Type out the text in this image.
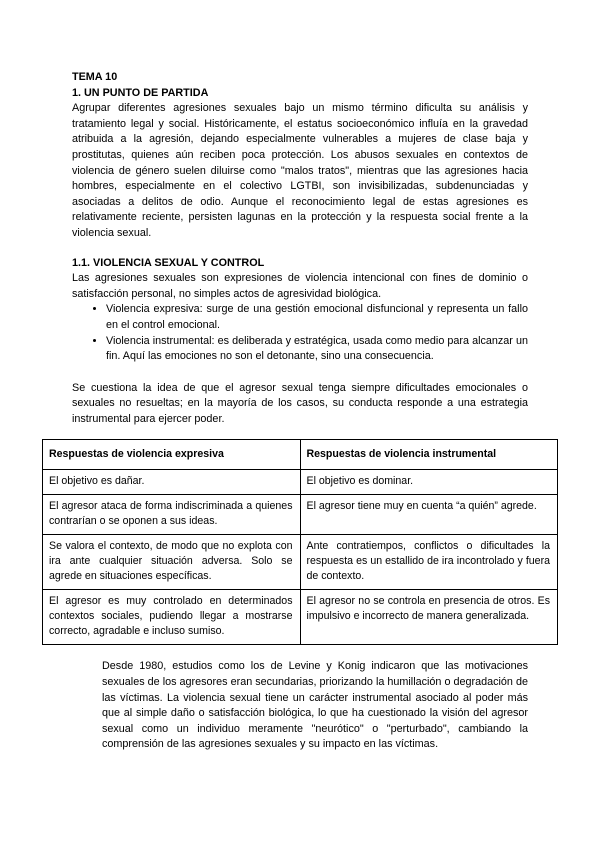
TEMA 10
1. UN PUNTO DE PARTIDA

Agrupar diferentes agresiones sexuales bajo un mismo término dificulta su análisis y tratamiento legal y social. Históricamente, el estatus socioeconómico influía en la gravedad atribuida a la agresión, dejando especialmente vulnerables a mujeres de clase baja y prostitutas, quienes aún reciben poca protección. Los abusos sexuales en contextos de violencia de género suelen diluirse como "malos tratos", mientras que las agresiones hacia hombres, especialmente en el colectivo LGTBI, son invisibilizadas, subdenunciadas y asociadas a delitos de odio. Aunque el reconocimiento legal de estas agresiones es relativamente reciente, persisten lagunas en la protección y la respuesta social frente a la violencia sexual.

1.1. VIOLENCIA SEXUAL Y CONTROL

Las agresiones sexuales son expresiones de violencia intencional con fines de dominio o satisfacción personal, no simples actos de agresividad biológica.

• Violencia expresiva: surge de una gestión emocional disfuncional y representa un fallo en el control emocional.
• Violencia instrumental: es deliberada y estratégica, usada como medio para alcanzar un fin. Aquí las emociones no son el detonante, sino una consecuencia.

Se cuestiona la idea de que el agresor sexual tenga siempre dificultades emocionales o sexuales no resueltas; en la mayoría de los casos, su conducta responde a una estrategia instrumental para ejercer poder.

Respuestas de violencia expresiva	Respuestas de violencia instrumental
El objetivo es dañar.	El objetivo es dominar.
El agresor ataca de forma indiscriminada a quienes contrarían o se oponen a sus ideas.	El agresor tiene muy en cuenta “a quién” agrede.
Se valora el contexto, de modo que no explota con ira ante cualquier situación adversa. Solo se agrede en situaciones específicas.	Ante contratiempos, conflictos o dificultades la respuesta es un estallido de ira incontrolado y fuera de contexto.
El agresor es muy controlado en determinados contextos sociales, pudiendo llegar a mostrarse correcto, agradable e incluso sumiso.	El agresor no se controla en presencia de otros. Es impulsivo e incorrecto de manera generalizada.

Desde 1980, estudios como los de Levine y Konig indicaron que las motivaciones sexuales de los agresores eran secundarias, priorizando la humillación o degradación de las víctimas. La violencia sexual tiene un carácter instrumental asociado al poder más que al simple daño o satisfacción biológica, lo que ha cuestionado la visión del agresor sexual como un individuo meramente "neurótico" o "perturbado", cambiando la comprensión de las agresiones sexuales y su impacto en las víctimas.
